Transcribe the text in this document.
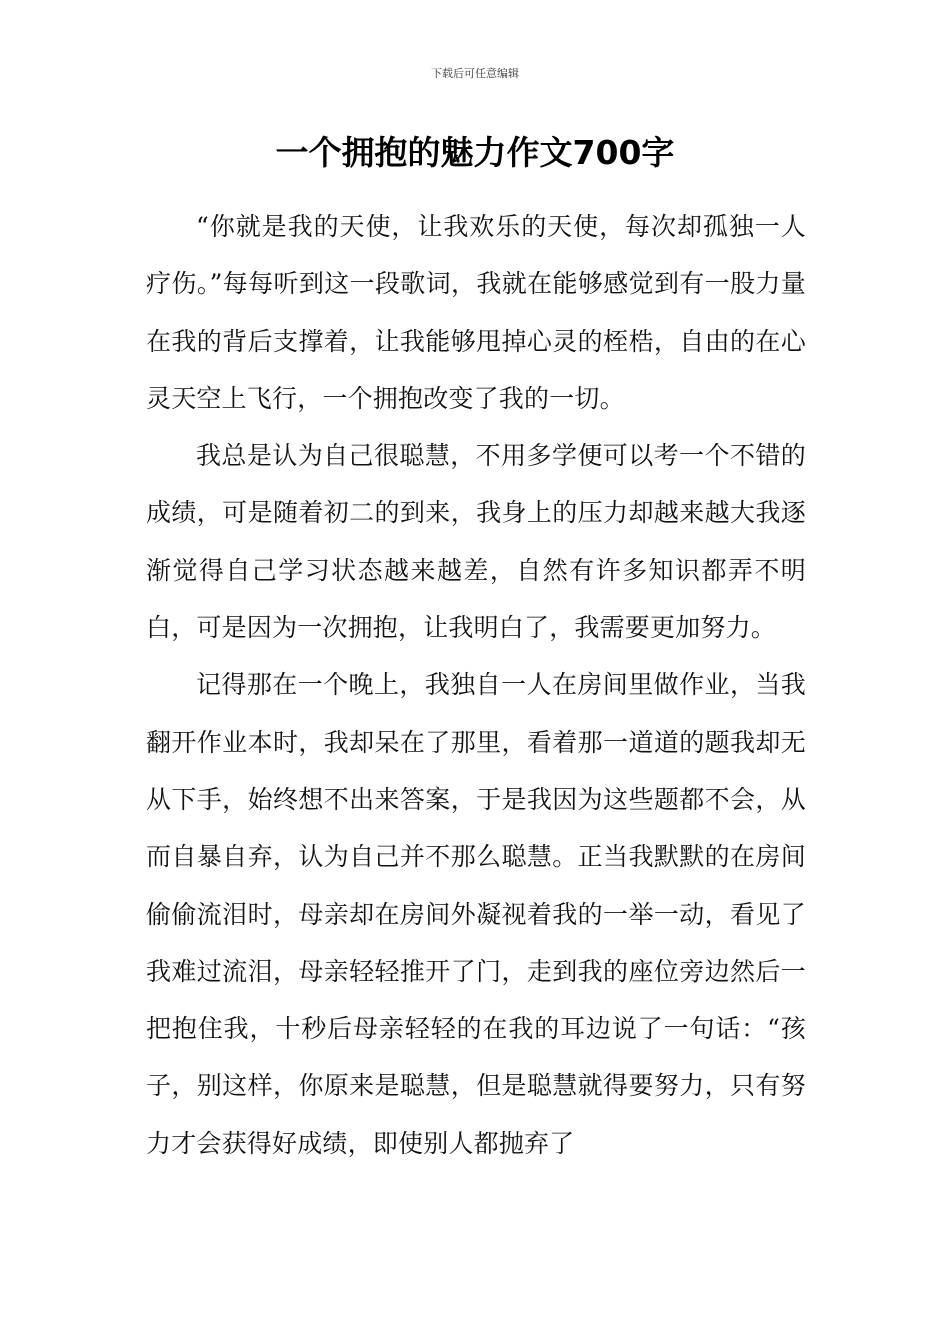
下载后可任意编辑
一个拥抱的魅力作文700字

“你就是我的天使，让我欢乐的天使，每次却孤独一人疗伤。”每每听到这一段歌词，我就在能够感觉到有一股力量在我的背后支撑着，让我能够甩掉心灵的桎梏，自由的在心灵天空上飞行，一个拥抱改变了我的一切。

我总是认为自己很聪慧，不用多学便可以考一个不错的成绩，可是随着初二的到来，我身上的压力却越来越大我逐渐觉得自己学习状态越来越差，自然有许多知识都弄不明白，可是因为一次拥抱，让我明白了，我需要更加努力。

记得那在一个晚上，我独自一人在房间里做作业，当我翻开作业本时，我却呆在了那里，看着那一道道的题我却无从下手，始终想不出来答案，于是我因为这些题都不会，从而自暴自弃，认为自己并不那么聪慧。正当我默默的在房间偷偷流泪时，母亲却在房间外凝视着我的一举一动，看见了我难过流泪，母亲轻轻推开了门，走到我的座位旁边然后一把抱住我，十秒后母亲轻轻的在我的耳边说了一句话：“孩子，别这样，你原来是聪慧，但是聪慧就得要努力，只有努力才会获得好成绩，即使别人都抛弃了
